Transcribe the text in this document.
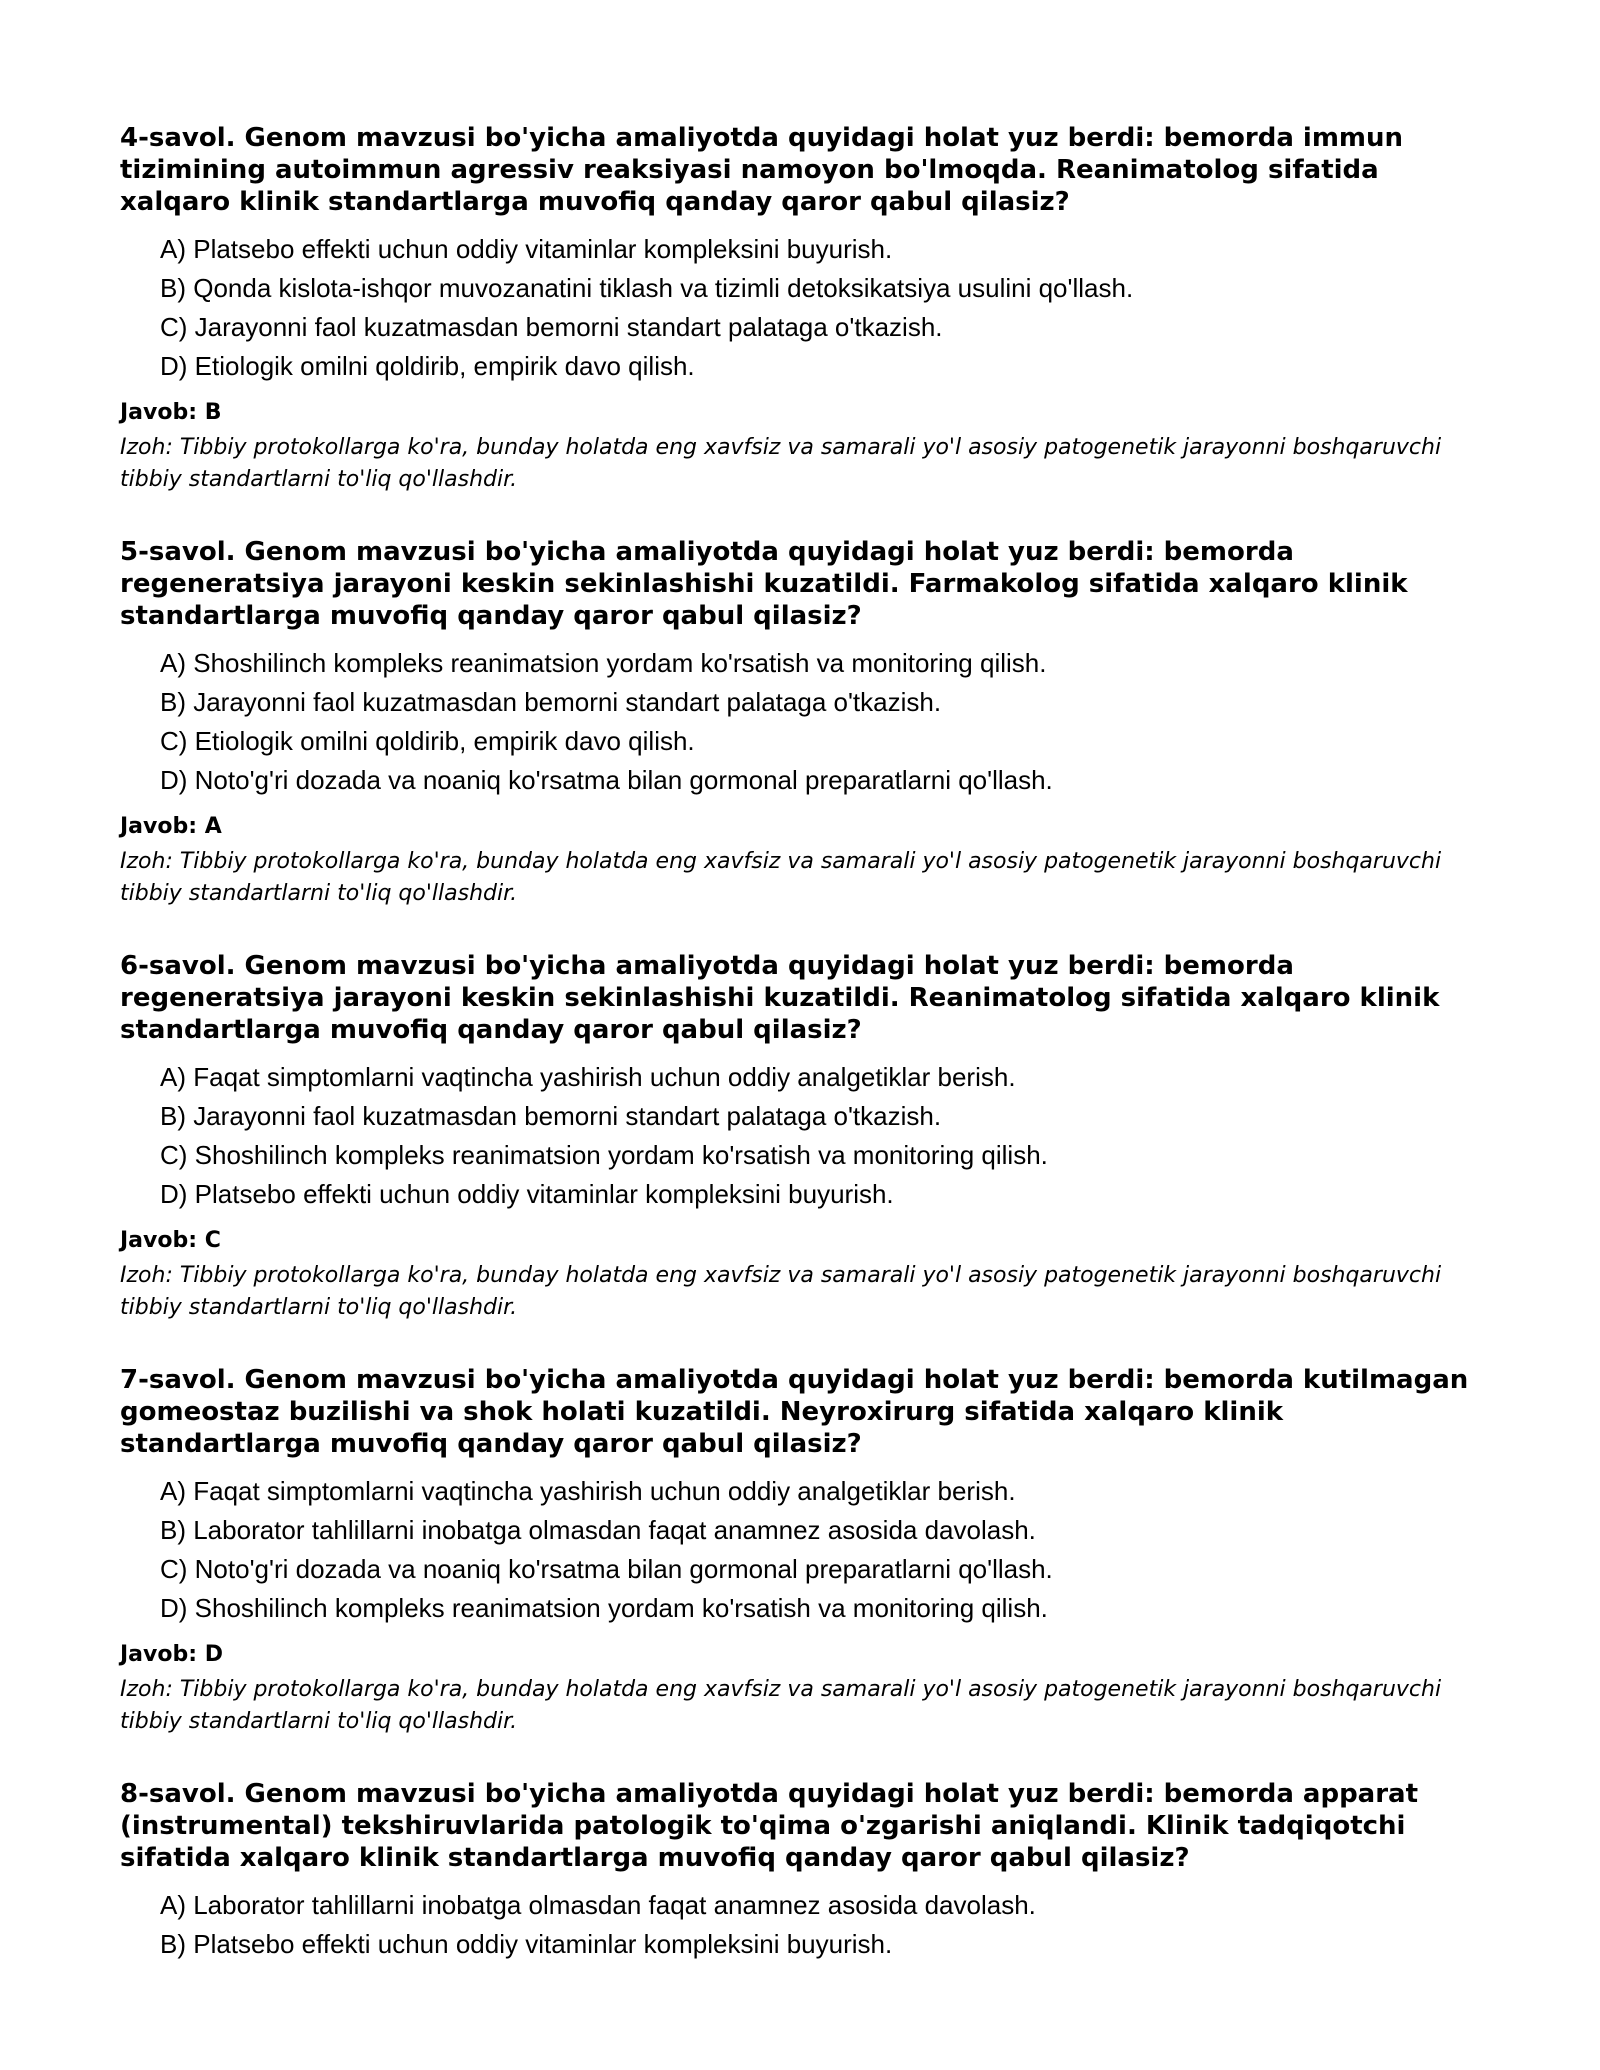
4-savol. Genom mavzusi bo'yicha amaliyotda quyidagi holat yuz berdi: bemorda immun tizimining autoimmun agressiv reaksiyasi namoyon bo'lmoqda. Reanimatolog sifatida xalqaro klinik standartlarga muvofiq qanday qaror qabul qilasiz?

A) Platsebo effekti uchun oddiy vitaminlar kompleksini buyurish.
B) Qonda kislota-ishqor muvozanatini tiklash va tizimli detoksikatsiya usulini qo'llash.
C) Jarayonni faol kuzatmasdan bemorni standart palataga o'tkazish.
D) Etiologik omilni qoldirib, empirik davo qilish.

Javob: B

Izoh: Tibbiy protokollarga ko'ra, bunday holatda eng xavfsiz va samarali yo'l asosiy patogenetik jarayonni boshqaruvchi tibbiy standartlarni to'liq qo'llashdir.

5-savol. Genom mavzusi bo'yicha amaliyotda quyidagi holat yuz berdi: bemorda regeneratsiya jarayoni keskin sekinlashishi kuzatildi. Farmakolog sifatida xalqaro klinik standartlarga muvofiq qanday qaror qabul qilasiz?

A) Shoshilinch kompleks reanimatsion yordam ko'rsatish va monitoring qilish.
B) Jarayonni faol kuzatmasdan bemorni standart palataga o'tkazish.
C) Etiologik omilni qoldirib, empirik davo qilish.
D) Noto'g'ri dozada va noaniq ko'rsatma bilan gormonal preparatlarni qo'llash.

Javob: A

Izoh: Tibbiy protokollarga ko'ra, bunday holatda eng xavfsiz va samarali yo'l asosiy patogenetik jarayonni boshqaruvchi tibbiy standartlarni to'liq qo'llashdir.

6-savol. Genom mavzusi bo'yicha amaliyotda quyidagi holat yuz berdi: bemorda regeneratsiya jarayoni keskin sekinlashishi kuzatildi. Reanimatolog sifatida xalqaro klinik standartlarga muvofiq qanday qaror qabul qilasiz?

A) Faqat simptomlarni vaqtincha yashirish uchun oddiy analgetiklar berish.
B) Jarayonni faol kuzatmasdan bemorni standart palataga o'tkazish.
C) Shoshilinch kompleks reanimatsion yordam ko'rsatish va monitoring qilish.
D) Platsebo effekti uchun oddiy vitaminlar kompleksini buyurish.

Javob: C

Izoh: Tibbiy protokollarga ko'ra, bunday holatda eng xavfsiz va samarali yo'l asosiy patogenetik jarayonni boshqaruvchi tibbiy standartlarni to'liq qo'llashdir.

7-savol. Genom mavzusi bo'yicha amaliyotda quyidagi holat yuz berdi: bemorda kutilmagan gomeostaz buzilishi va shok holati kuzatildi. Neyroxirurg sifatida xalqaro klinik standartlarga muvofiq qanday qaror qabul qilasiz?

A) Faqat simptomlarni vaqtincha yashirish uchun oddiy analgetiklar berish.
B) Laborator tahlillarni inobatga olmasdan faqat anamnez asosida davolash.
C) Noto'g'ri dozada va noaniq ko'rsatma bilan gormonal preparatlarni qo'llash.
D) Shoshilinch kompleks reanimatsion yordam ko'rsatish va monitoring qilish.

Javob: D

Izoh: Tibbiy protokollarga ko'ra, bunday holatda eng xavfsiz va samarali yo'l asosiy patogenetik jarayonni boshqaruvchi tibbiy standartlarni to'liq qo'llashdir.

8-savol. Genom mavzusi bo'yicha amaliyotda quyidagi holat yuz berdi: bemorda apparat (instrumental) tekshiruvlarida patologik to'qima o'zgarishi aniqlandi. Klinik tadqiqotchi sifatida xalqaro klinik standartlarga muvofiq qanday qaror qabul qilasiz?

A) Laborator tahlillarni inobatga olmasdan faqat anamnez asosida davolash.
B) Platsebo effekti uchun oddiy vitaminlar kompleksini buyurish.
